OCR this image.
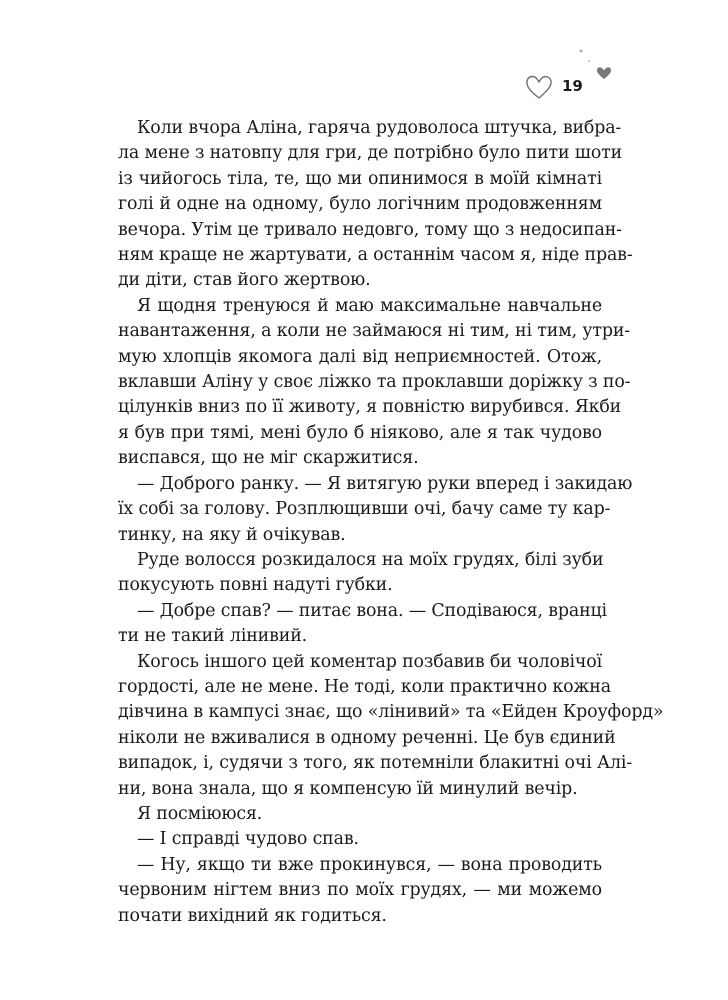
19
Коли вчора Аліна, гаряча рудоволоса штучка, вибра-
ла мене з натовпу для гри, де потрібно було пити шоти
із чийогось тіла, те, що ми опинимося в моїй кімнаті
голі й одне на одному, було логічним продовженням
вечора. Утім це тривало недовго, тому що з недосипан-
ням краще не жартувати, а останнім часом я, ніде прав-
ди діти, став його жертвою.
Я щодня тренуюся й маю максимальне навчальне
навантаження, а коли не займаюся ні тим, ні тим, утри-
мую хлопців якомога далі від неприємностей. Отож,
вклавши Аліну у своє ліжко та проклавши доріжку з по-
цілунків вниз по її животу, я повністю вирубився. Якби
я був при тямі, мені було б ніяково, але я так чудово
виспався, що не міг скаржитися.
— Доброго ранку. — Я витягую руки вперед і закидаю
їх собі за голову. Розплющивши очі, бачу саме ту кар-
тинку, на яку й очікував.
Руде волосся розкидалося на моїх грудях, білі зуби
покусують повні надуті губки.
— Добре спав? — питає вона. — Сподіваюся, вранці
ти не такий лінивий.
Когось іншого цей коментар позбавив би чоловічої
гордості, але не мене. Не тоді, коли практично кожна
дівчина в кампусі знає, що «лінивий» та «Ейден Кроуфорд»
ніколи не вживалися в одному реченні. Це був єдиний
випадок, і, судячи з того, як потемніли блакитні очі Алі-
ни, вона знала, що я компенсую їй минулий вечір.
Я посміююся.
— І справді чудово спав.
— Ну, якщо ти вже прокинувся, — вона проводить
червоним нігтем вниз по моїх грудях, — ми можемо
почати вихідний як годиться.
